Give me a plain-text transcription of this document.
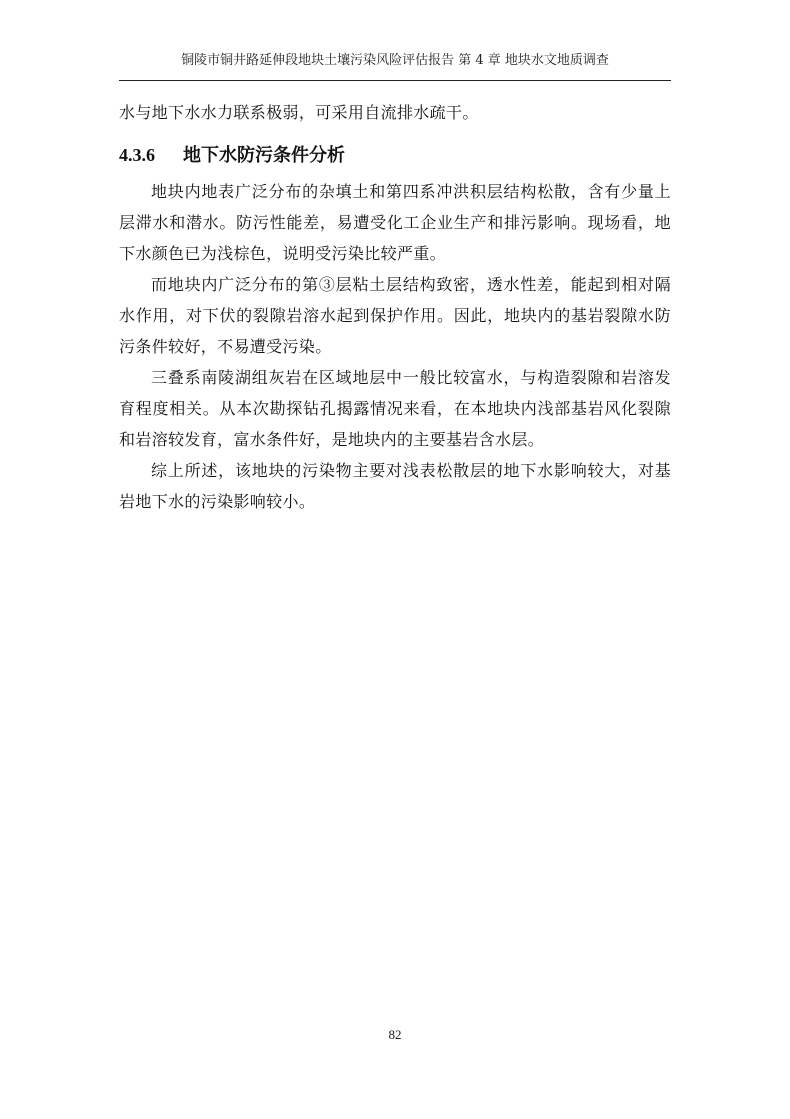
铜陵市铜井路延伸段地块土壤污染风险评估报告 第 4 章 地块水文地质调查

水与地下水水力联系极弱，可采用自流排水疏干。

4.3.6	地下水防污条件分析

地块内地表广泛分布的杂填土和第四系冲洪积层结构松散，含有少量上层滞水和潜水。防污性能差，易遭受化工企业生产和排污影响。现场看，地下水颜色已为浅棕色，说明受污染比较严重。

而地块内广泛分布的第③层粘土层结构致密，透水性差，能起到相对隔水作用，对下伏的裂隙岩溶水起到保护作用。因此，地块内的基岩裂隙水防污条件较好，不易遭受污染。

三叠系南陵湖组灰岩在区域地层中一般比较富水，与构造裂隙和岩溶发育程度相关。从本次勘探钻孔揭露情况来看，在本地块内浅部基岩风化裂隙和岩溶较发育，富水条件好，是地块内的主要基岩含水层。

综上所述，该地块的污染物主要对浅表松散层的地下水影响较大，对基岩地下水的污染影响较小。

82
